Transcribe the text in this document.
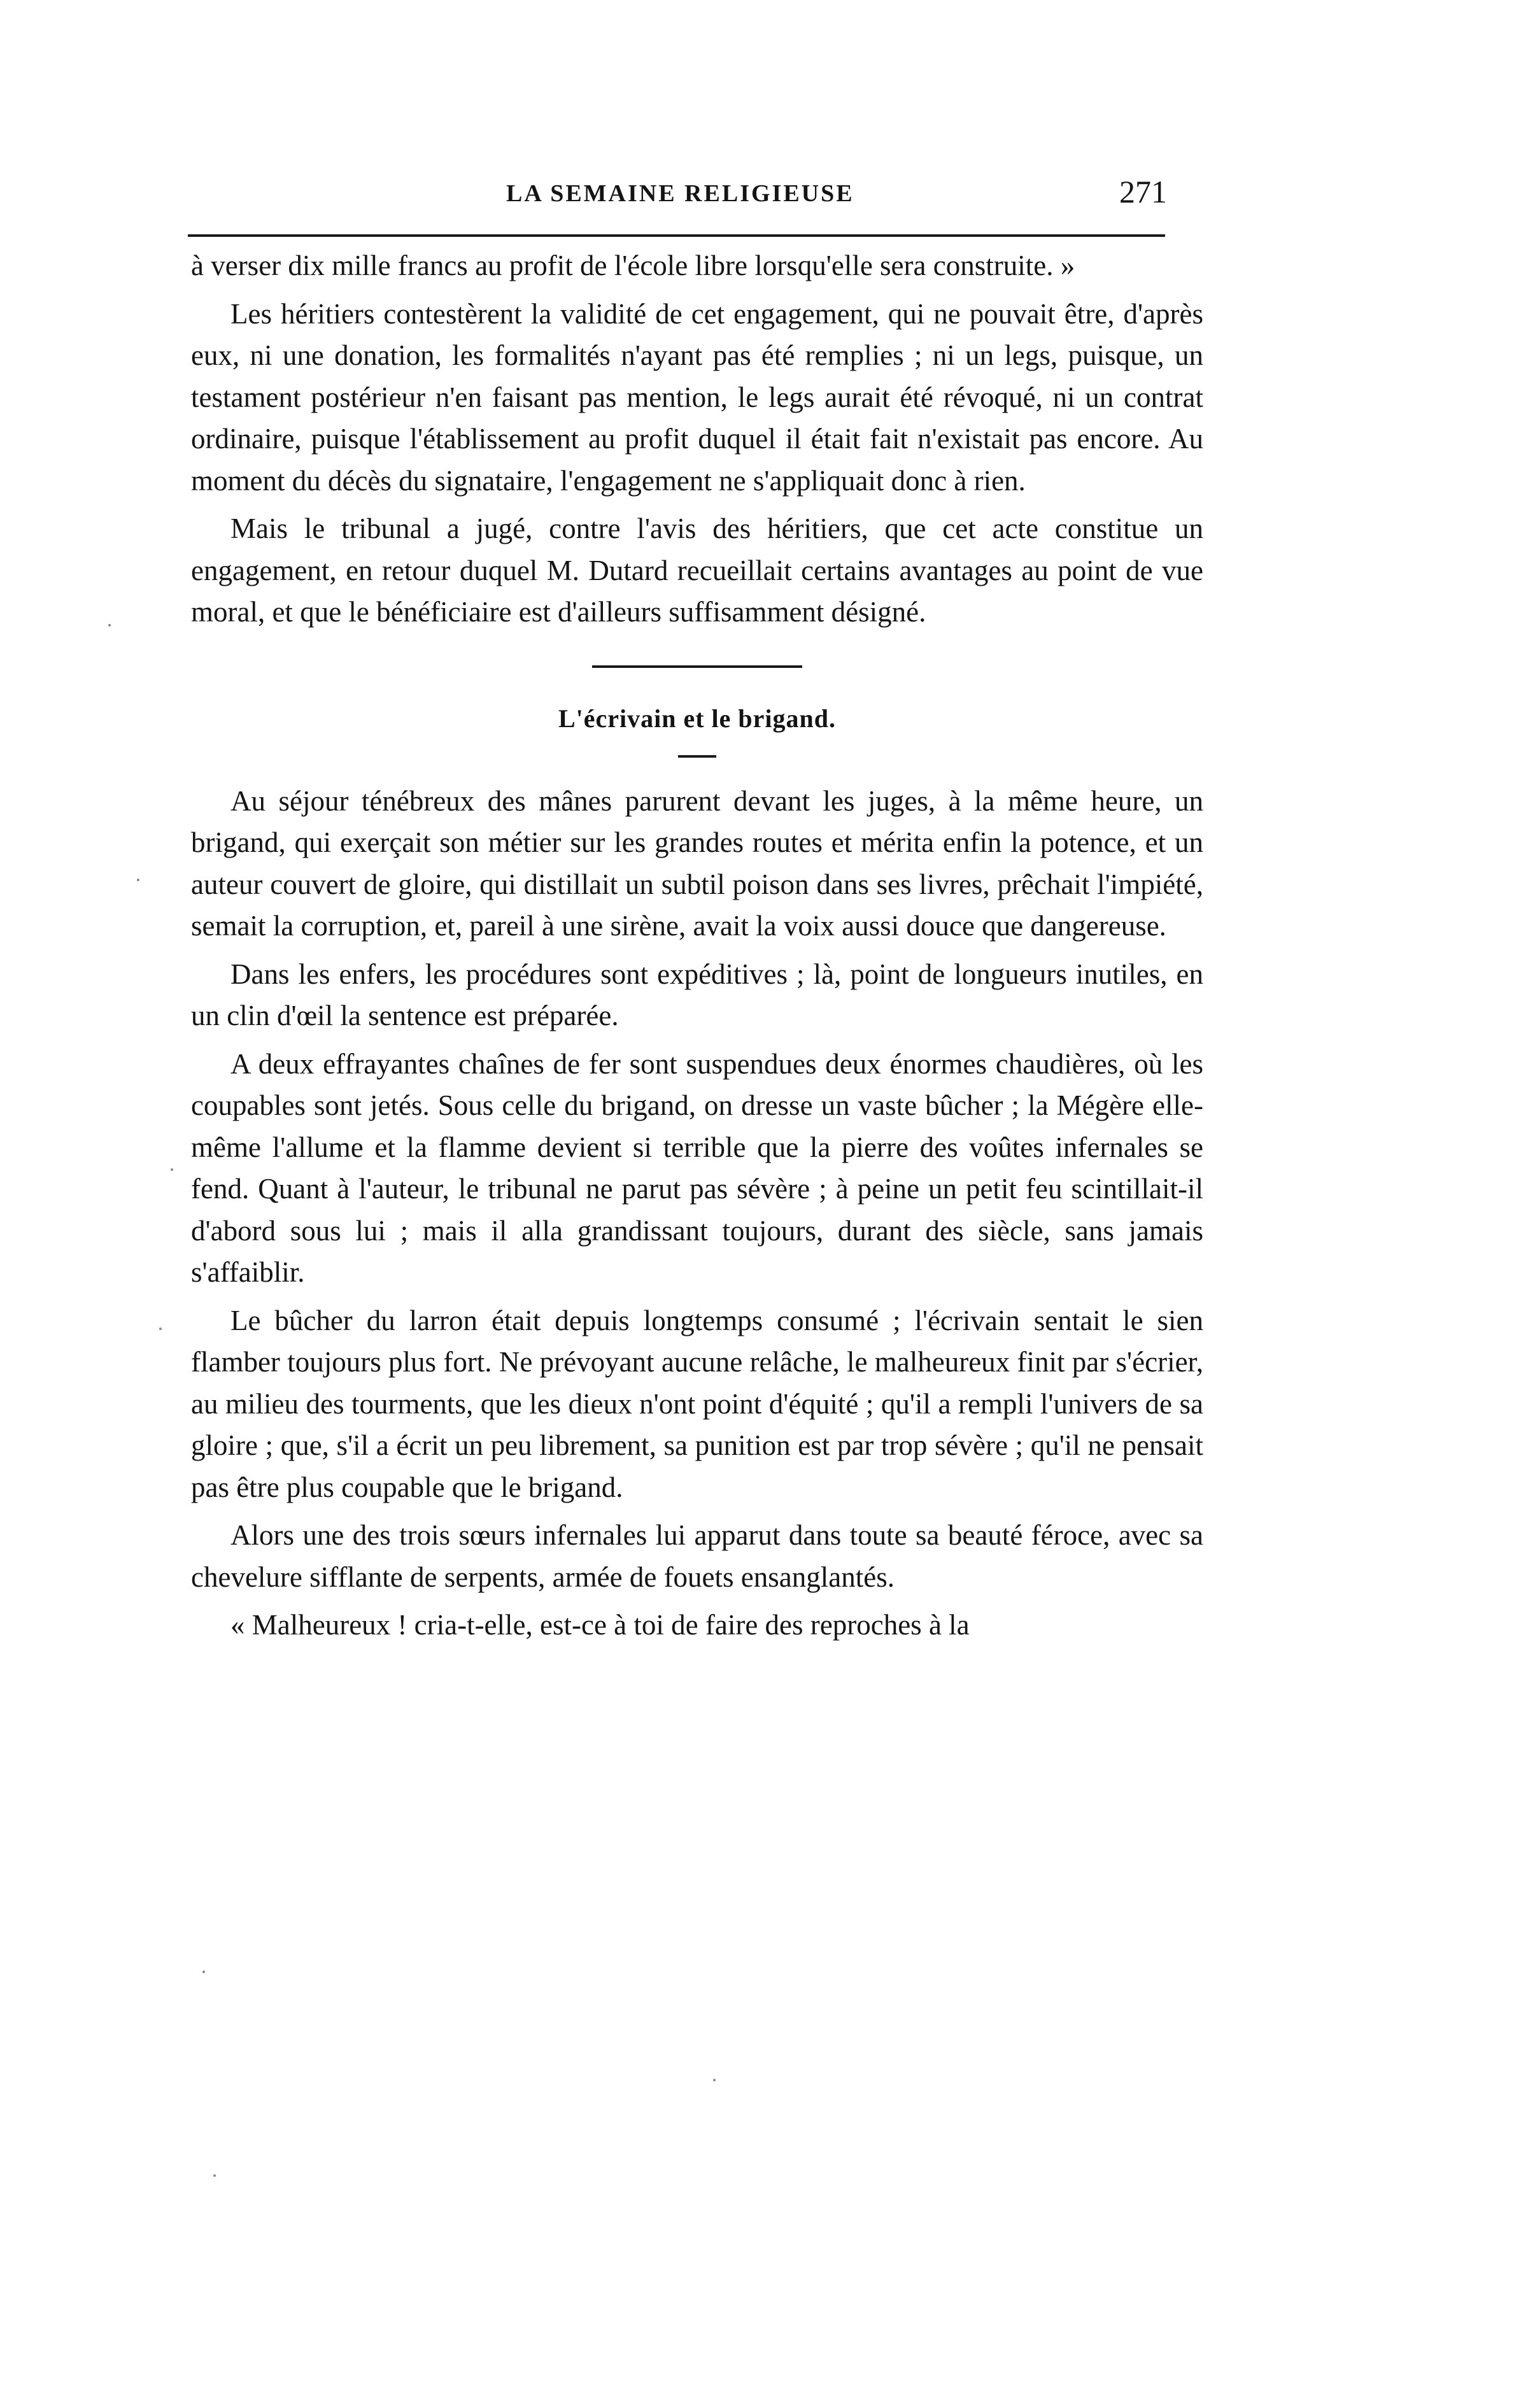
LA SEMAINE RELIGIEUSE	271

à verser dix mille francs au profit de l'école libre lorsqu'elle sera construite. »

Les héritiers contestèrent la validité de cet engagement, qui ne pouvait être, d'après eux, ni une donation, les formalités n'ayant pas été remplies ; ni un legs, puisque, un testament postérieur n'en faisant pas mention, le legs aurait été révoqué, ni un contrat ordinaire, puisque l'établissement au profit duquel il était fait n'existait pas encore. Au moment du décès du signataire, l'engagement ne s'appliquait donc à rien.

Mais le tribunal a jugé, contre l'avis des héritiers, que cet acte constitue un engagement, en retour duquel M. Dutard recueillait certains avantages au point de vue moral, et que le bénéficiaire est d'ailleurs suffisamment désigné.

L'écrivain et le brigand.

Au séjour ténébreux des mânes parurent devant les juges, à la même heure, un brigand, qui exerçait son métier sur les grandes routes et mérita enfin la potence, et un auteur couvert de gloire, qui distillait un subtil poison dans ses livres, prêchait l'impiété, semait la corruption, et, pareil à une sirène, avait la voix aussi douce que dangereuse.

Dans les enfers, les procédures sont expéditives ; là, point de longueurs inutiles, en un clin d'œil la sentence est préparée.

A deux effrayantes chaînes de fer sont suspendues deux énormes chaudières, où les coupables sont jetés. Sous celle du brigand, on dresse un vaste bûcher ; la Mégère elle-même l'allume et la flamme devient si terrible que la pierre des voûtes infernales se fend. Quant à l'auteur, le tribunal ne parut pas sévère ; à peine un petit feu scintillait-il d'abord sous lui ; mais il alla grandissant toujours, durant des siècle, sans jamais s'affaiblir.

Le bûcher du larron était depuis longtemps consumé ; l'écrivain sentait le sien flamber toujours plus fort. Ne prévoyant aucune relâche, le malheureux finit par s'écrier, au milieu des tourments, que les dieux n'ont point d'équité ; qu'il a rempli l'univers de sa gloire ; que, s'il a écrit un peu librement, sa punition est par trop sévère ; qu'il ne pensait pas être plus coupable que le brigand.

Alors une des trois sœurs infernales lui apparut dans toute sa beauté féroce, avec sa chevelure sifflante de serpents, armée de fouets ensanglantés.

« Malheureux ! cria-t-elle, est-ce à toi de faire des reproches à la
